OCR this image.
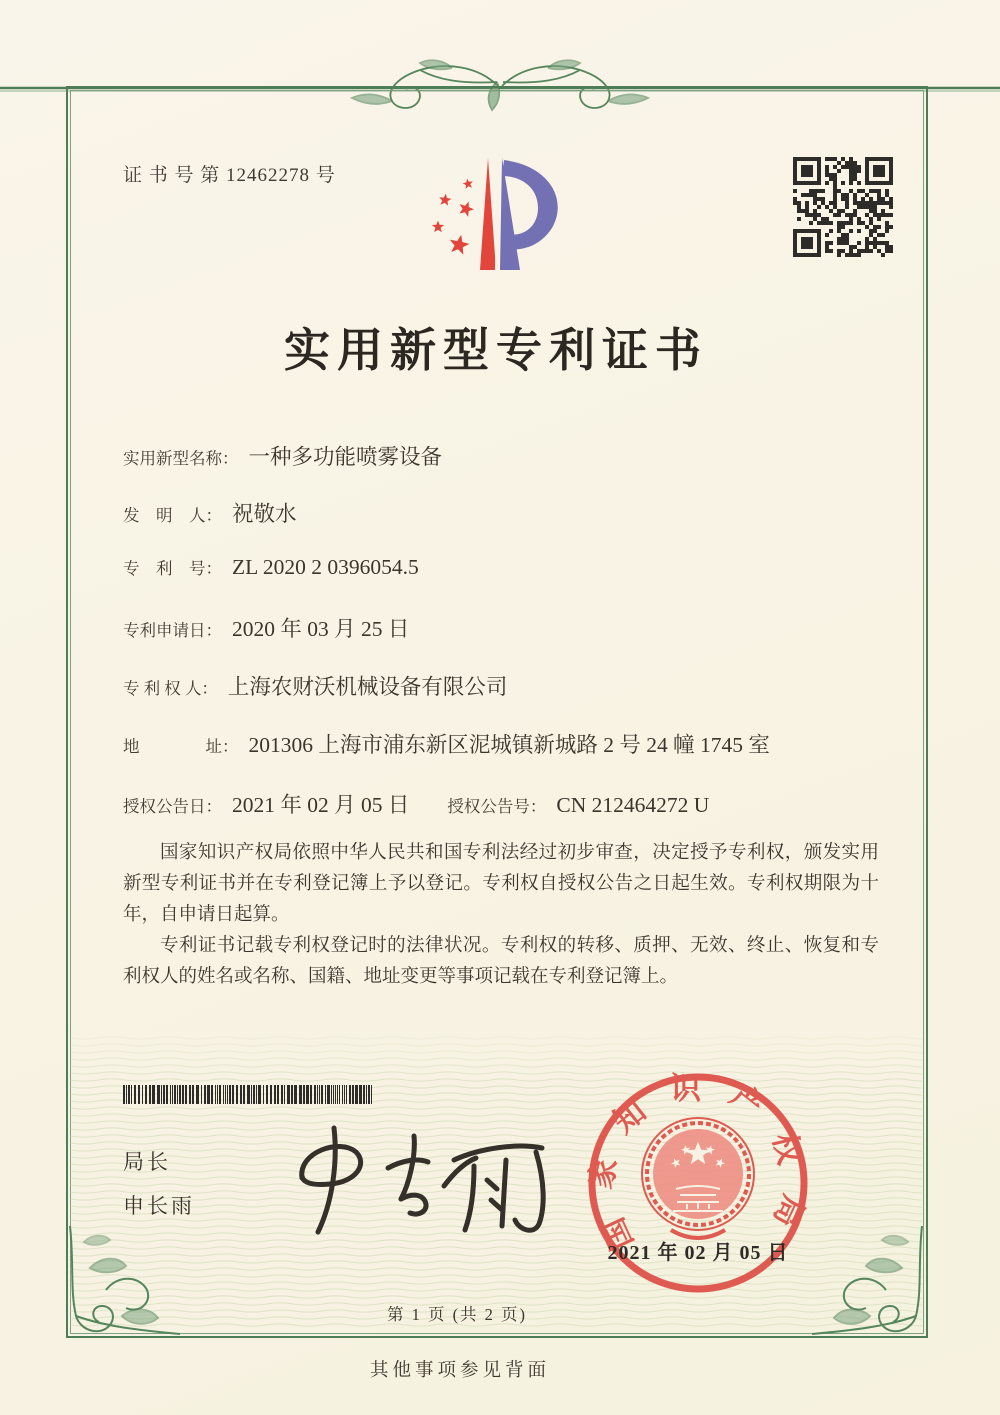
证 书 号 第 12462278 号
实用新型专利证书
实用新型名称： 一种多功能喷雾设备
发　明　人： 祝敬水
专　利　号： ZL 2020 2 0396054.5
专利申请日： 2020 年 03 月 25 日
专 利 权 人： 上海农财沃机械设备有限公司
地　　　　址： 201306 上海市浦东新区泥城镇新城路 2 号 24 幢 1745 室
授权公告日： 2021 年 02 月 05 日 授权公告号： CN 212464272 U

国家知识产权局依照中华人民共和国专利法经过初步审查，决定授予专利权，颁发实用新型专利证书并在专利登记簿上予以登记。专利权自授权公告之日起生效。专利权期限为十年，自申请日起算。

专利证书记载专利权登记时的法律状况。专利权的转移、质押、无效、终止、恢复和专利权人的姓名或名称、国籍、地址变更等事项记载在专利登记簿上。

局长
申长雨	国家知识产权局
2021 年 02 月 05 日
第 1 页 (共 2 页)
其他事项参见背面
